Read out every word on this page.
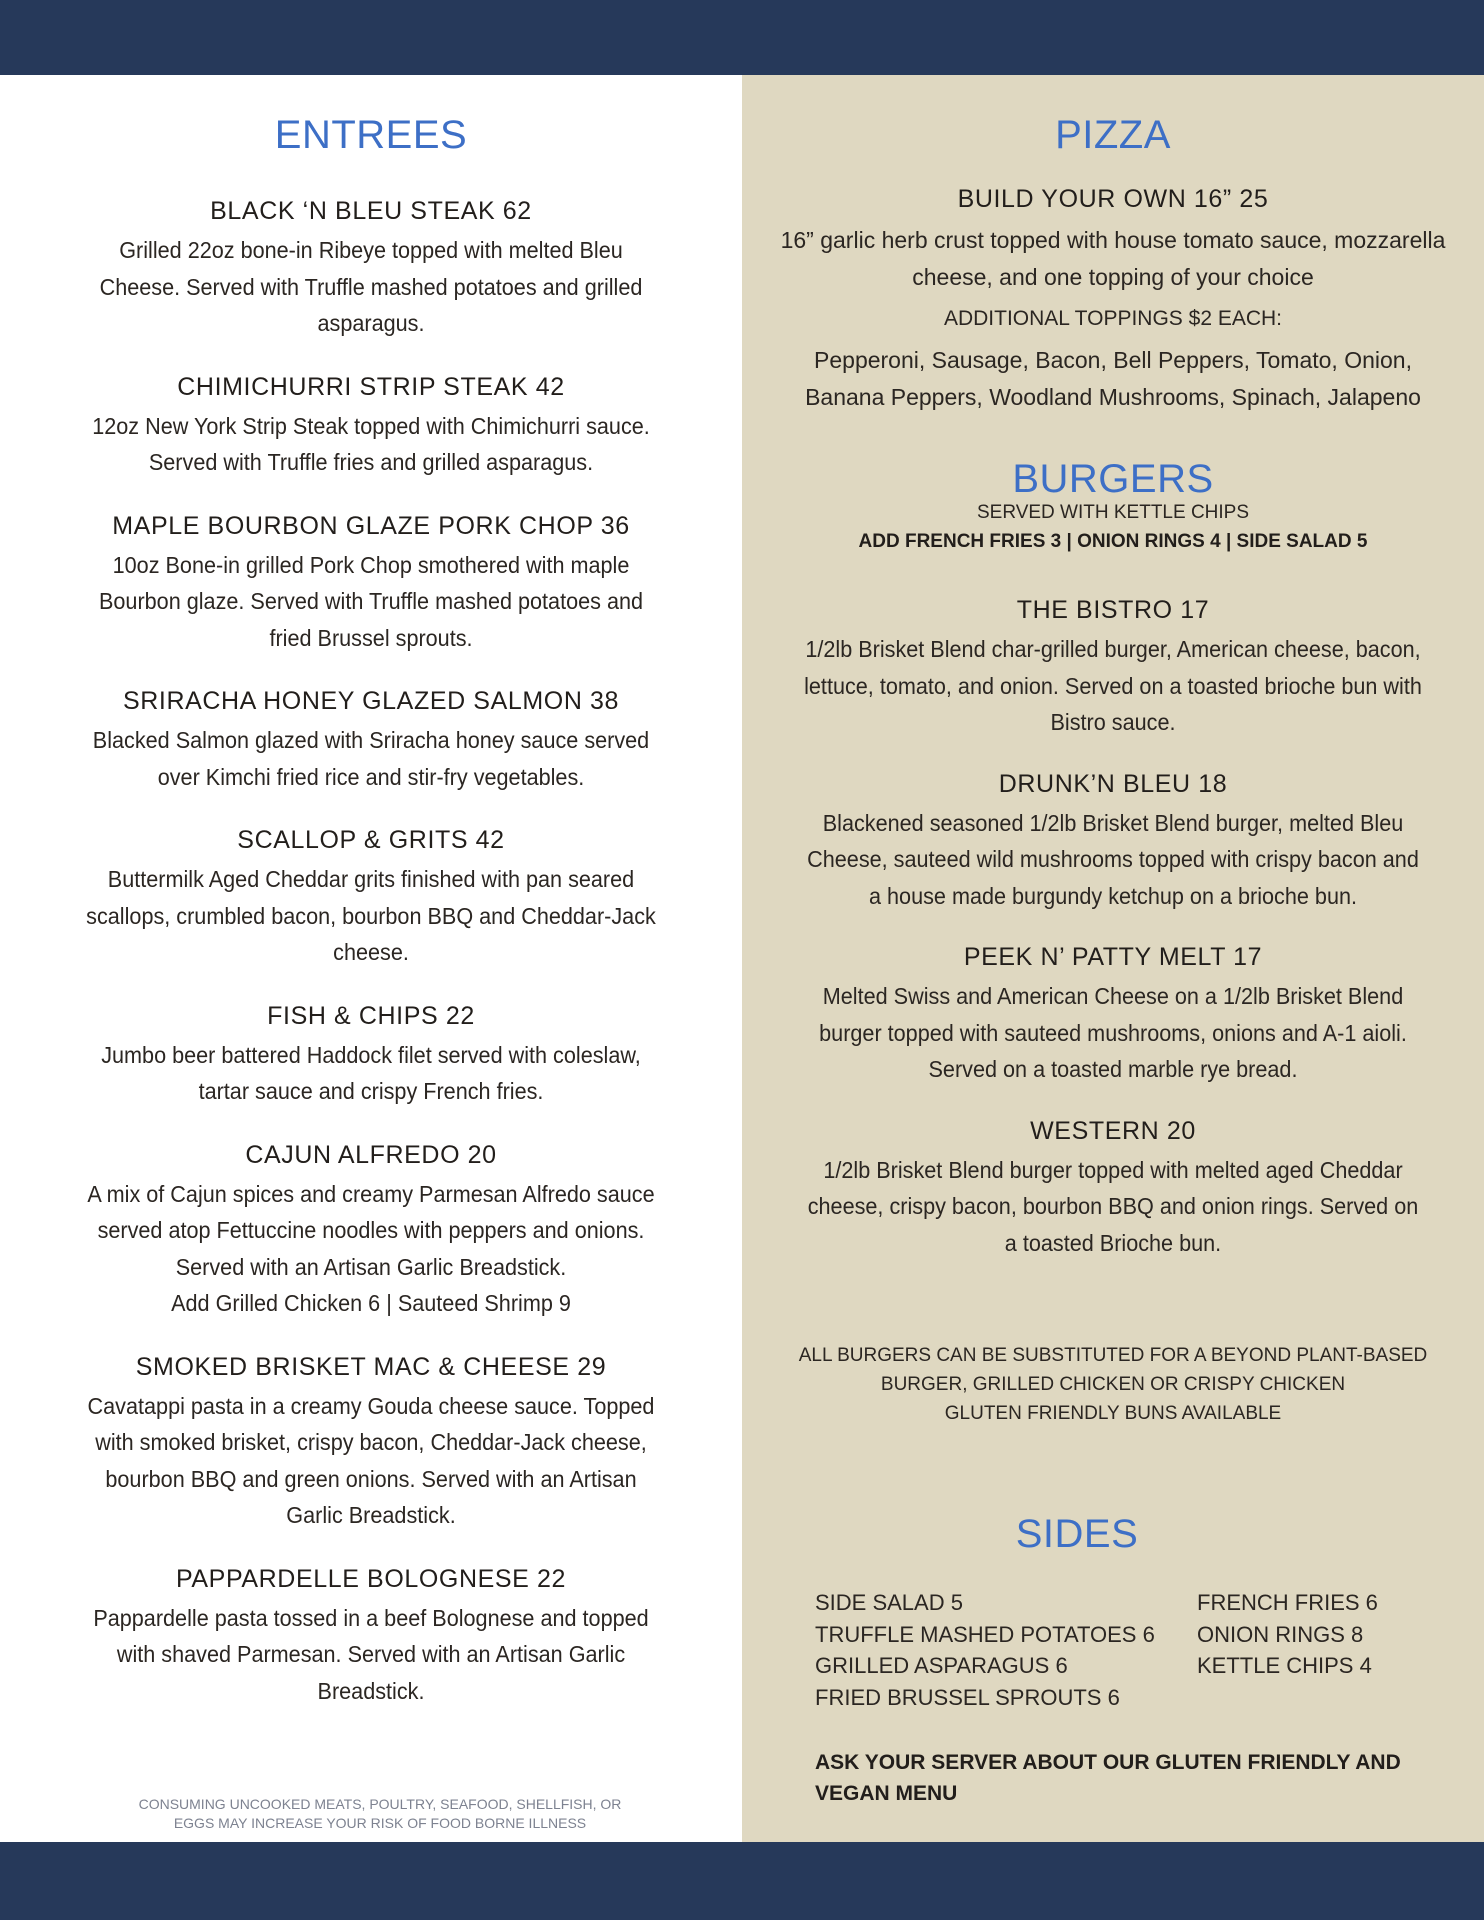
ENTREES
BLACK ‘N BLEU STEAK 62
Grilled 22oz bone-in Ribeye topped with melted Bleu Cheese. Served with Truffle mashed potatoes and grilled asparagus.
CHIMICHURRI STRIP STEAK 42
12oz New York Strip Steak topped with Chimichurri sauce. Served with Truffle fries and grilled asparagus.
MAPLE BOURBON GLAZE PORK CHOP 36
10oz Bone-in grilled Pork Chop smothered with maple Bourbon glaze. Served with Truffle mashed potatoes and fried Brussel sprouts.
SRIRACHA HONEY GLAZED SALMON 38
Blacked Salmon glazed with Sriracha honey sauce served over Kimchi fried rice and stir-fry vegetables.
SCALLOP & GRITS 42
Buttermilk Aged Cheddar grits finished with pan seared scallops, crumbled bacon, bourbon BBQ and Cheddar-Jack cheese.
FISH & CHIPS 22
Jumbo beer battered Haddock filet served with coleslaw, tartar sauce and crispy French fries.
CAJUN ALFREDO 20
A mix of Cajun spices and creamy Parmesan Alfredo sauce served atop Fettuccine noodles with peppers and onions. Served with an Artisan Garlic Breadstick.
Add Grilled Chicken 6 | Sauteed Shrimp 9
SMOKED BRISKET MAC & CHEESE 29
Cavatappi pasta in a creamy Gouda cheese sauce. Topped with smoked brisket, crispy bacon, Cheddar-Jack cheese, bourbon BBQ and green onions. Served with an Artisan Garlic Breadstick.
PAPPARDELLE BOLOGNESE 22
Pappardelle pasta tossed in a beef Bolognese and topped with shaved Parmesan. Served with an Artisan Garlic Breadstick.
PIZZA
BUILD YOUR OWN 16” 25
16” garlic herb crust topped with house tomato sauce, mozzarella cheese, and one topping of your choice
ADDITIONAL TOPPINGS $2 EACH:
Pepperoni, Sausage, Bacon, Bell Peppers, Tomato, Onion, Banana Peppers, Woodland Mushrooms, Spinach, Jalapeno
BURGERS
SERVED WITH KETTLE CHIPS
ADD FRENCH FRIES 3 | ONION RINGS 4 | SIDE SALAD 5
THE BISTRO 17
1/2lb Brisket Blend char-grilled burger, American cheese, bacon, lettuce, tomato, and onion. Served on a toasted brioche bun with Bistro sauce.
DRUNK’N BLEU 18
Blackened seasoned 1/2lb Brisket Blend burger, melted Bleu Cheese, sauteed wild mushrooms topped with crispy bacon and a house made burgundy ketchup on a brioche bun.
PEEK N’ PATTY MELT 17
Melted Swiss and American Cheese on a 1/2lb Brisket Blend burger topped with sauteed mushrooms, onions and A-1 aioli. Served on a toasted marble rye bread.
WESTERN 20
1/2lb Brisket Blend burger topped with melted aged Cheddar cheese, crispy bacon, bourbon BBQ and onion rings. Served on a toasted Brioche bun.
ALL BURGERS CAN BE SUBSTITUTED FOR A BEYOND PLANT-BASED BURGER, GRILLED CHICKEN OR CRISPY CHICKEN
GLUTEN FRIENDLY BUNS AVAILABLE
SIDES
SIDE SALAD 5
TRUFFLE MASHED POTATOES 6
GRILLED ASPARAGUS 6
FRIED BRUSSEL SPROUTS 6
FRENCH FRIES 6
ONION RINGS 8
KETTLE CHIPS 4
ASK YOUR SERVER ABOUT OUR GLUTEN FRIENDLY AND VEGAN MENU
CONSUMING UNCOOKED MEATS, POULTRY, SEAFOOD, SHELLFISH, OR EGGS MAY INCREASE YOUR RISK OF FOOD BORNE ILLNESS
